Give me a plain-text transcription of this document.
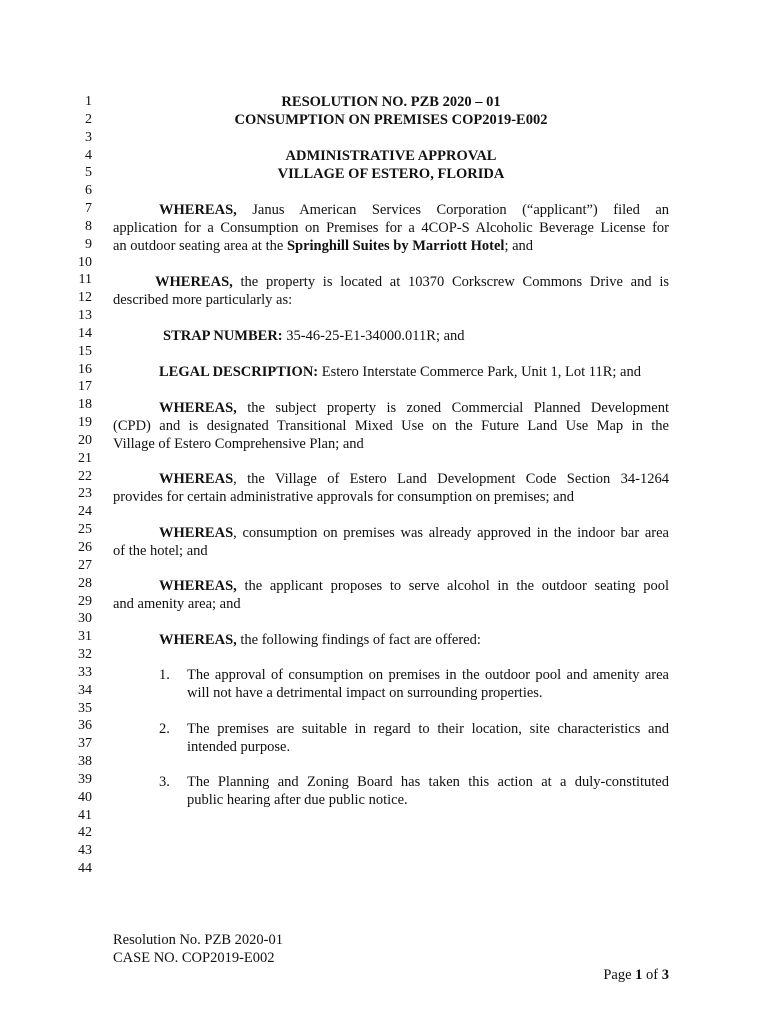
1
2
3
4
5
6
7
8
9
10
11
12
13
14
15
16
17
18
19
20
21
22
23
24
25
26
27
28
29
30
31
32
33
34
35
36
37
38
39
40
41
42
43
44
RESOLUTION NO. PZB 2020 – 01
CONSUMPTION ON PREMISES COP2019-E002
ADMINISTRATIVE APPROVAL
VILLAGE OF ESTERO, FLORIDA
WHEREAS, Janus American Services Corporation (“applicant”) filed an
application for a Consumption on Premises for a 4COP-S Alcoholic Beverage License for
an outdoor seating area at the Springhill Suites by Marriott Hotel; and
WHEREAS, the property is located at 10370 Corkscrew Commons Drive and is
described more particularly as:
STRAP NUMBER: 35-46-25-E1-34000.011R; and
LEGAL DESCRIPTION: Estero Interstate Commerce Park, Unit 1, Lot 11R; and
WHEREAS, the subject property is zoned Commercial Planned Development
(CPD) and is designated Transitional Mixed Use on the Future Land Use Map in the
Village of Estero Comprehensive Plan; and
WHEREAS, the Village of Estero Land Development Code Section 34-1264
provides for certain administrative approvals for consumption on premises; and
WHEREAS, consumption on premises was already approved in the indoor bar area
of the hotel; and
WHEREAS, the applicant proposes to serve alcohol in the outdoor seating pool
and amenity area; and
WHEREAS, the following findings of fact are offered:
1.	The approval of consumption on premises in the outdoor pool and amenity area
will not have a detrimental impact on surrounding properties.
2.	The premises are suitable in regard to their location, site characteristics and
intended purpose.
3.	The Planning and Zoning Board has taken this action at a duly-constituted
public hearing after due public notice.
Resolution No. PZB 2020-01
CASE NO. COP2019-E002
Page 1 of 3
